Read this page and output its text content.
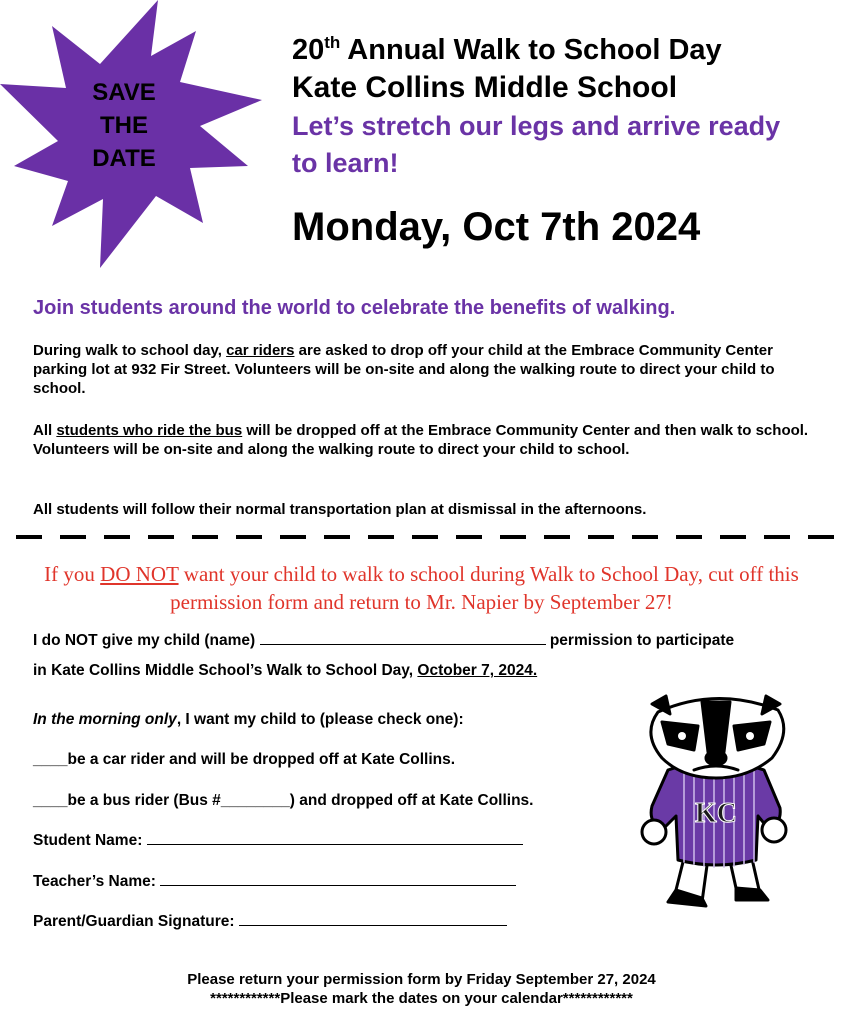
SAVE
THE
DATE
20th Annual Walk to School Day
Kate Collins Middle School
Let’s stretch our legs and arrive ready to learn!
Monday, Oct 7th 2024
Join students around the world to celebrate the benefits of walking.
During walk to school day, car riders are asked to drop off your child at the Embrace Community Center parking lot at 932 Fir Street. Volunteers will be on-site and along the walking route to direct your child to school.
All students who ride the bus will be dropped off at the Embrace Community Center and then walk to school. Volunteers will be on-site and along the walking route to direct your child to school.
All students will follow their normal transportation plan at dismissal in the afternoons.
If you DO NOT want your child to walk to school during Walk to School Day, cut off this permission form and return to Mr. Napier by September 27!
I do NOT give my child (name)	permission to participate
in Kate Collins Middle School’s Walk to School Day, October 7, 2024.
In the morning only, I want my child to (please check one):
____be a car rider and will be dropped off at Kate Collins.
____be a bus rider (Bus #________) and dropped off at Kate Collins.
Student Name:
Teacher’s Name:
Parent/Guardian Signature:
KC
Please return your permission form by Friday September 27, 2024
************Please mark the dates on your calendar************
